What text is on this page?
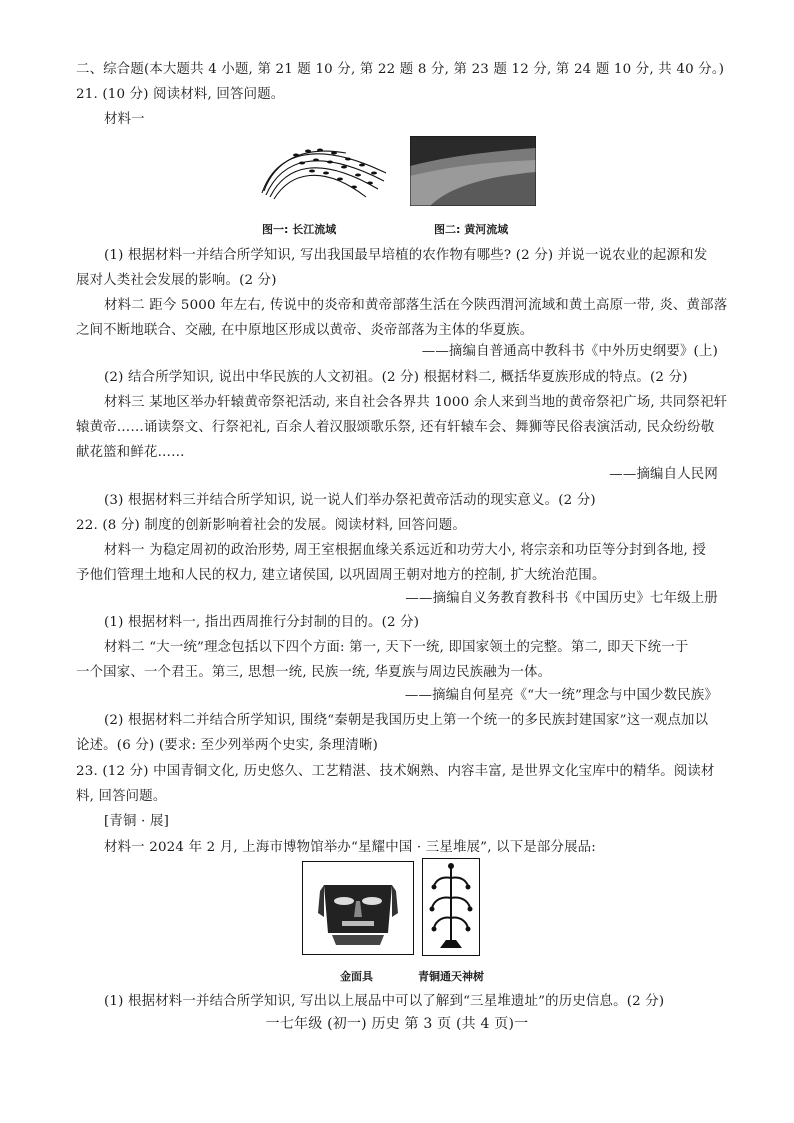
二、综合题(本大题共 4 小题, 第 21 题 10 分, 第 22 题 8 分, 第 23 题 12 分, 第 24 题 10 分, 共 40 分。)
21. (10 分) 阅读材料, 回答问题。
材料一
图一: 长江流域	图二: 黄河流域
(1) 根据材料一并结合所学知识, 写出我国最早培植的农作物有哪些? (2 分) 并说一说农业的起源和发
展对人类社会发展的影响。(2 分)
材料二 距今 5000 年左右, 传说中的炎帝和黄帝部落生活在今陕西渭河流域和黄土高原一带, 炎、黄部落
之间不断地联合、交融, 在中原地区形成以黄帝、炎帝部落为主体的华夏族。
——摘编自普通高中教科书《中外历史纲要》(上)
(2) 结合所学知识, 说出中华民族的人文初祖。(2 分) 根据材料二, 概括华夏族形成的特点。(2 分)
材料三 某地区举办轩辕黄帝祭祀活动, 来自社会各界共 1000 余人来到当地的黄帝祭祀广场, 共同祭祀轩
辕黄帝……诵读祭文、行祭祀礼, 百余人着汉服颂歌乐祭, 还有轩辕车会、舞狮等民俗表演活动, 民众纷纷敬
献花篮和鲜花……
——摘编自人民网
(3) 根据材料三并结合所学知识, 说一说人们举办祭祀黄帝活动的现实意义。(2 分)
22. (8 分) 制度的创新影响着社会的发展。阅读材料, 回答问题。
材料一 为稳定周初的政治形势, 周王室根据血缘关系远近和功劳大小, 将宗亲和功臣等分封到各地, 授
予他们管理土地和人民的权力, 建立诸侯国, 以巩固周王朝对地方的控制, 扩大统治范围。
——摘编自义务教育教科书《中国历史》七年级上册
(1) 根据材料一, 指出西周推行分封制的目的。(2 分)
材料二 “大一统”理念包括以下四个方面: 第一, 天下一统, 即国家领土的完整。第二, 即天下统一于
一个国家、一个君王。第三, 思想一统, 民族一统, 华夏族与周边民族融为一体。
——摘编自何星亮《“大一统”理念与中国少数民族》
(2) 根据材料二并结合所学知识, 围绕“秦朝是我国历史上第一个统一的多民族封建国家”这一观点加以
论述。(6 分) (要求: 至少列举两个史实, 条理清晰)
23. (12 分) 中国青铜文化, 历史悠久、工艺精湛、技术娴熟、内容丰富, 是世界文化宝库中的精华。阅读材
料, 回答问题。
[青铜 · 展]
材料一 2024 年 2 月, 上海市博物馆举办“星耀中国 · 三星堆展”, 以下是部分展品:
金面具	青铜通天神树
(1) 根据材料一并结合所学知识, 写出以上展品中可以了解到“三星堆遗址”的历史信息。(2 分)
一七年级 (初一) 历史 第 3 页 (共 4 页)一
